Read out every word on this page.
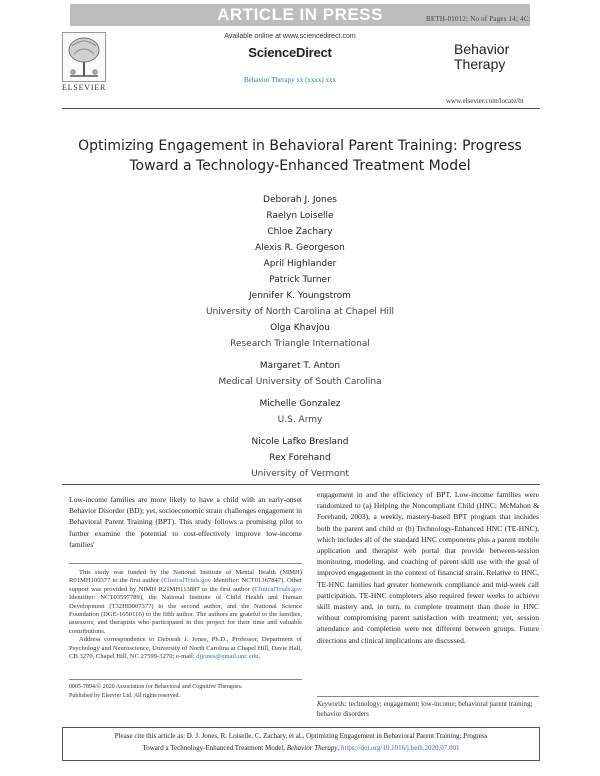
ARTICLE IN PRESS	BETH-01012; No of Pages 14; 4C:
ELSEVIER
Available online at www.sciencedirect.com
ScienceDirect
Behavior Therapy xx (xxxx) xxx
Behavior
Therapy
www.elsevier.com/locate/bt
Optimizing Engagement in Behavioral Parent Training: Progress
Toward a Technology-Enhanced Treatment Model
Deborah J. Jones
Raelyn Loiselle
Chloe Zachary
Alexis R. Georgeson
April Highlander
Patrick Turner
Jennifer K. Youngstrom
University of North Carolina at Chapel Hill
Olga Khavjou
Research Triangle International
Margaret T. Anton
Medical University of South Carolina
Michelle Gonzalez
U.S. Army
Nicole Lafko Bresland
Rex Forehand
University of Vermont
Low-income families are more likely to have a child with an early-onset Behavior Disorder (BD); yet, socioeconomic strain challenges engagement in Behavioral Parent Training (BPT). This study follows a promising pilot to further examine the potential to cost-effectively improve low-income families'
engagement in and the efficiency of BPT. Low-income families were randomized to (a) Helping the Noncompliant Child (HNC; McMahon & Forehand, 2003), a weekly, mastery-based BPT program that includes both the parent and child or (b) Technology-Enhanced HNC (TE-HNC), which includes all of the standard HNC components plus a parent mobile application and therapist web portal that provide between-session monitoring, modeling, and coaching of parent skill use with the goal of improved engagement in the context of financial strain. Relative to HNC, TE-HNC families had greater homework compliance and mid-week call participation. TE-HNC completers also required fewer weeks to achieve skill mastery and, in turn, to complete treatment than those in HNC without compromising parent satisfaction with treatment; yet, session attendance and completion were not different between groups. Future directions and clinical implications are discussed.
This study was funded by the National Institute of Mental Health (NIMH) R01MH100377 to the first author (ClinicalTrials.gov Identifier: NCT01367847). Other support was provided by NIMH R21MH113887 to the first author (ClinicalTrials.gov Identifier: NCT03597789), the National Institute of Child Health and Human Development (T32HD007377) to the second author, and the National Science Foundation (DGE-1650116) to the fifth author. The authors are grateful to the families, assessors, and therapists who participated in this project for their time and valuable contributions.
Address correspondence to Deborah J. Jones, Ph.D., Professor, Department of Psychology and Neuroscience, University of North Carolina at Chapel Hill, Davie Hall, CB 3270, Chapel Hill, NC 27599-3270; e-mail: djjones@email.unc.edu.
0005-7894/© 2020 Association for Behavioral and Cognitive Therapies.
Published by Elsevier Ltd. All rights reserved.
Keywords: technology; engagement; low-income; behavioral parent training; behavior disorders
Please cite this article as: D. J. Jones, R. Loiselle, C. Zachary, et al., Optimizing Engagement in Behavioral Parent Training: Progress
Toward a Technology-Enhanced Treatment Model, Behavior Therapy, https://doi.org/10.1016/j.beth.2020.07.001
